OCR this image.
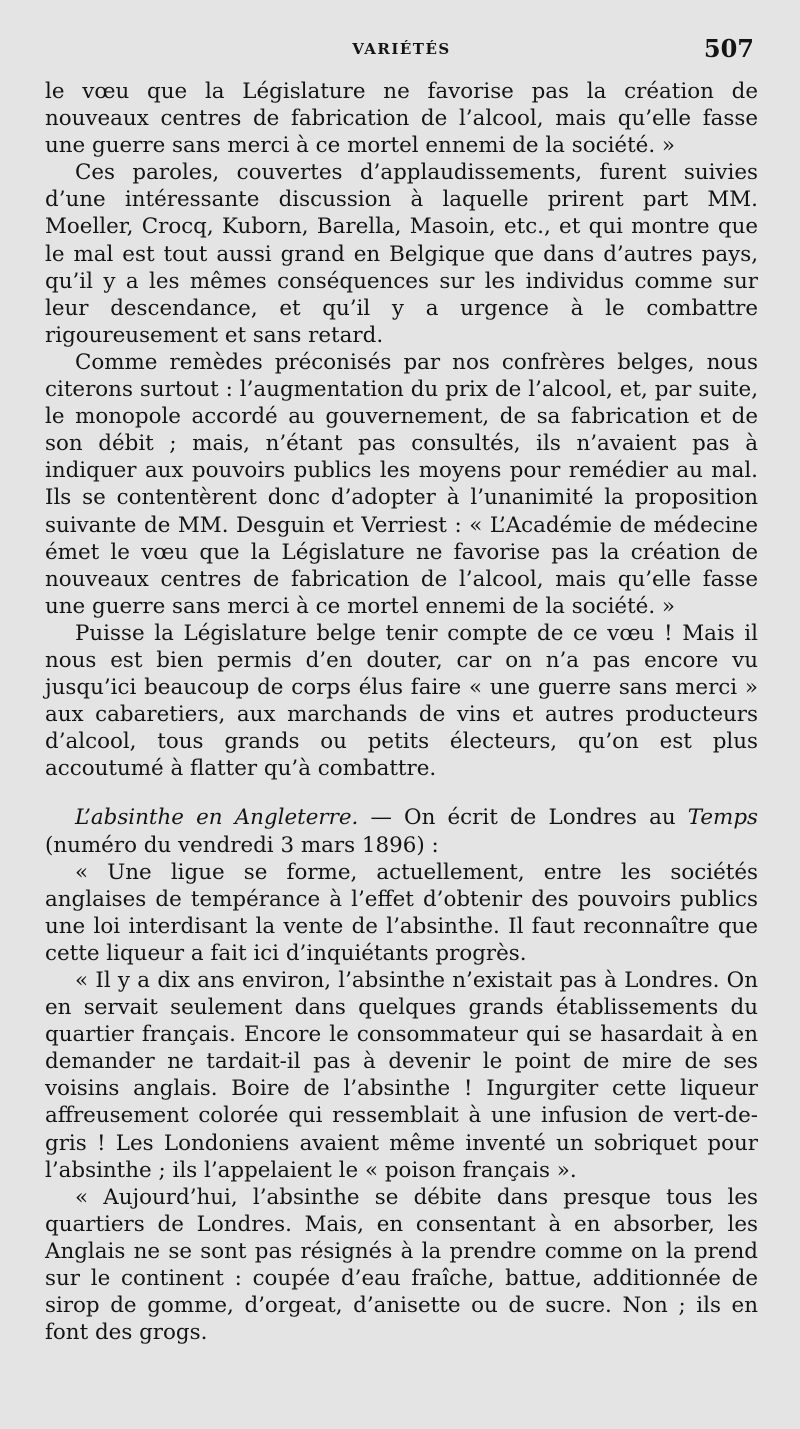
VARIÉTÉS	507

le vœu que la Législature ne favorise pas la création de nouveaux centres de fabrication de l’alcool, mais qu’elle fasse une guerre sans merci à ce mortel ennemi de la société. »

Ces paroles, couvertes d’applaudissements, furent suivies d’une intéressante discussion à laquelle prirent part MM. Moeller, Crocq, Kuborn, Barella, Masoin, etc., et qui montre que le mal est tout aussi grand en Belgique que dans d’autres pays, qu’il y a les mêmes conséquences sur les individus comme sur leur descendance, et qu’il y a urgence à le combattre rigoureusement et sans retard.

Comme remèdes préconisés par nos confrères belges, nous citerons surtout : l’augmentation du prix de l’alcool, et, par suite, le monopole accordé au gouvernement, de sa fabrication et de son débit ; mais, n’étant pas consultés, ils n’avaient pas à indiquer aux pouvoirs publics les moyens pour remédier au mal. Ils se contentèrent donc d’adopter à l’unanimité la proposition suivante de MM. Desguin et Verriest : « L’Académie de médecine émet le vœu que la Législature ne favorise pas la création de nouveaux centres de fabrication de l’alcool, mais qu’elle fasse une guerre sans merci à ce mortel ennemi de la société. »

Puisse la Législature belge tenir compte de ce vœu ! Mais il nous est bien permis d’en douter, car on n’a pas encore vu jusqu’ici beaucoup de corps élus faire « une guerre sans merci » aux cabaretiers, aux marchands de vins et autres producteurs d’alcool, tous grands ou petits électeurs, qu’on est plus accoutumé à flatter qu’à combattre.

L’absinthe en Angleterre. — On écrit de Londres au Temps (numéro du vendredi 3 mars 1896) :

« Une ligue se forme, actuellement, entre les sociétés anglaises de tempérance à l’effet d’obtenir des pouvoirs publics une loi interdisant la vente de l’absinthe. Il faut reconnaître que cette liqueur a fait ici d’inquiétants progrès.

« Il y a dix ans environ, l’absinthe n’existait pas à Londres. On en servait seulement dans quelques grands établissements du quartier français. Encore le consommateur qui se hasardait à en demander ne tardait-il pas à devenir le point de mire de ses voisins anglais. Boire de l’absinthe ! Ingurgiter cette liqueur affreusement colorée qui ressemblait à une infusion de vert-de-gris ! Les Londoniens avaient même inventé un sobriquet pour l’absinthe ; ils l’appelaient le « poison français ».

« Aujourd’hui, l’absinthe se débite dans presque tous les quartiers de Londres. Mais, en consentant à en absorber, les Anglais ne se sont pas résignés à la prendre comme on la prend sur le continent : coupée d’eau fraîche, battue, additionnée de sirop de gomme, d’orgeat, d’anisette ou de sucre. Non ; ils en font des grogs.
